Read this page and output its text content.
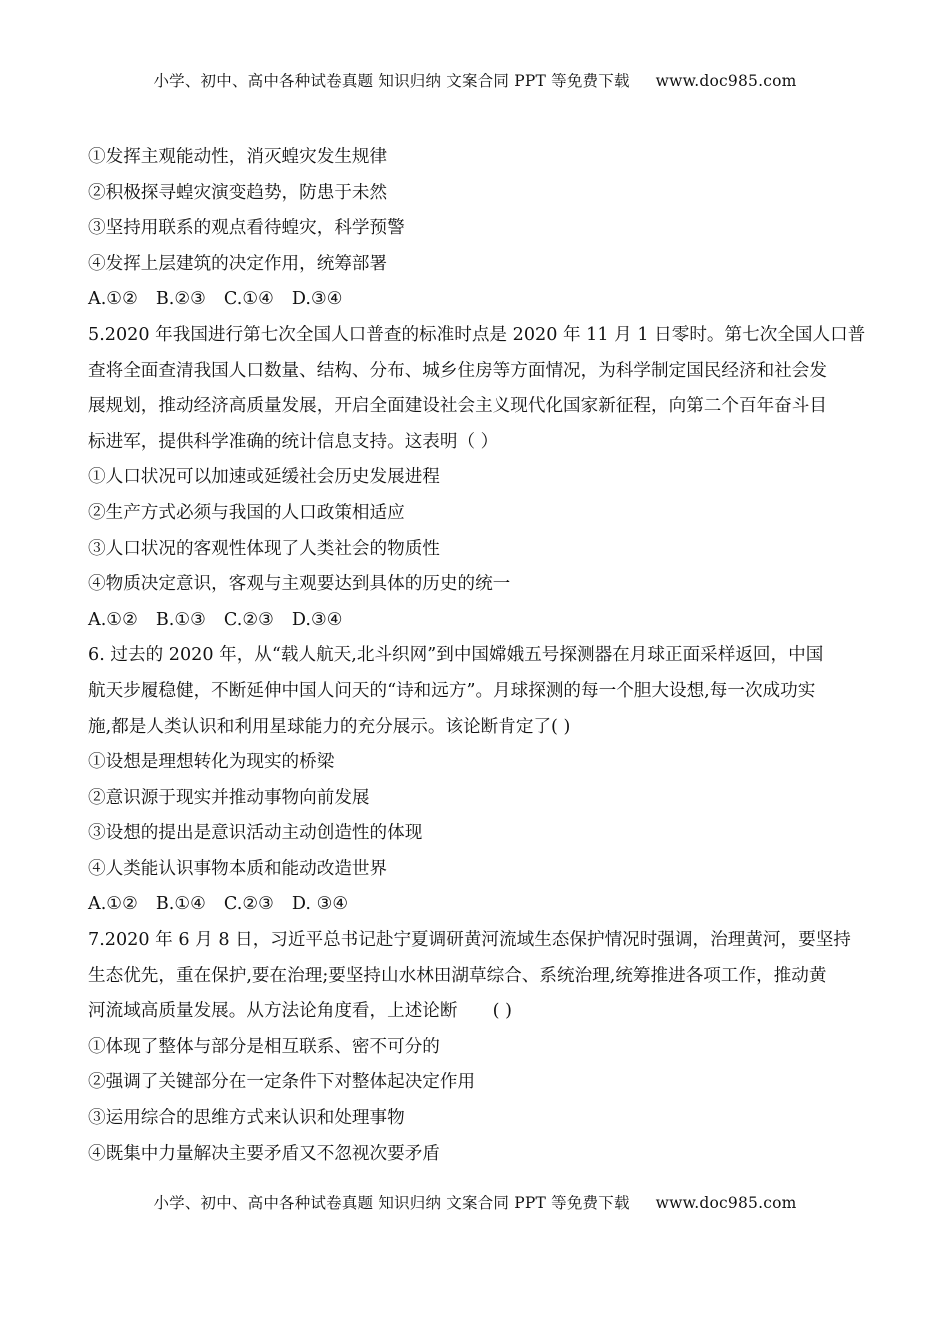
小学、初中、高中各种试卷真题 知识归纳 文案合同 PPT 等免费下载 www.doc985.com
①发挥主观能动性，消灭蝗灾发生规律
②积极探寻蝗灾演变趋势，防患于未然
③坚持用联系的观点看待蝗灾，科学预警
④发挥上层建筑的决定作用，统筹部署
A.①② B.②③ C.①④ D.③④
5.2020 年我国进行第七次全国人口普查的标准时点是 2020 年 11 月 1 日零时。第七次全国人口普
查将全面查清我国人口数量、结构、分布、城乡住房等方面情况，为科学制定国民经济和社会发
展规划，推动经济高质量发展，开启全面建设社会主义现代化国家新征程，向第二个百年奋斗目
标进军，提供科学准确的统计信息支持。这表明（ ）
①人口状况可以加速或延缓社会历史发展进程
②生产方式必须与我国的人口政策相适应
③人口状况的客观性体现了人类社会的物质性
④物质决定意识，客观与主观要达到具体的历史的统一
A.①② B.①③ C.②③ D.③④
6. 过去的 2020 年，从“载人航天,北斗织网”到中国嫦娥五号探测器在月球正面采样返回，中国
航天步履稳健，不断延伸中国人问天的“诗和远方”。月球探测的每一个胆大设想,每一次成功实
施,都是人类认识和利用星球能力的充分展示。该论断肯定了( )
①设想是理想转化为现实的桥梁
②意识源于现实并推动事物向前发展
③设想的提出是意识活动主动创造性的体现
④人类能认识事物本质和能动改造世界
A.①② B.①④ C.②③ D. ③④
7.2020 年 6 月 8 日，习近平总书记赴宁夏调研黄河流域生态保护情况时强调，治理黄河，要坚持
生态优先，重在保护,要在治理;要坚持山水林田湖草综合、系统治理,统筹推进各项工作，推动黄
河流域高质量发展。从方法论角度看，上述论断　　( )
①体现了整体与部分是相互联系、密不可分的
②强调了关键部分在一定条件下对整体起决定作用
③运用综合的思维方式来认识和处理事物
④既集中力量解决主要矛盾又不忽视次要矛盾
小学、初中、高中各种试卷真题 知识归纳 文案合同 PPT 等免费下载 www.doc985.com
